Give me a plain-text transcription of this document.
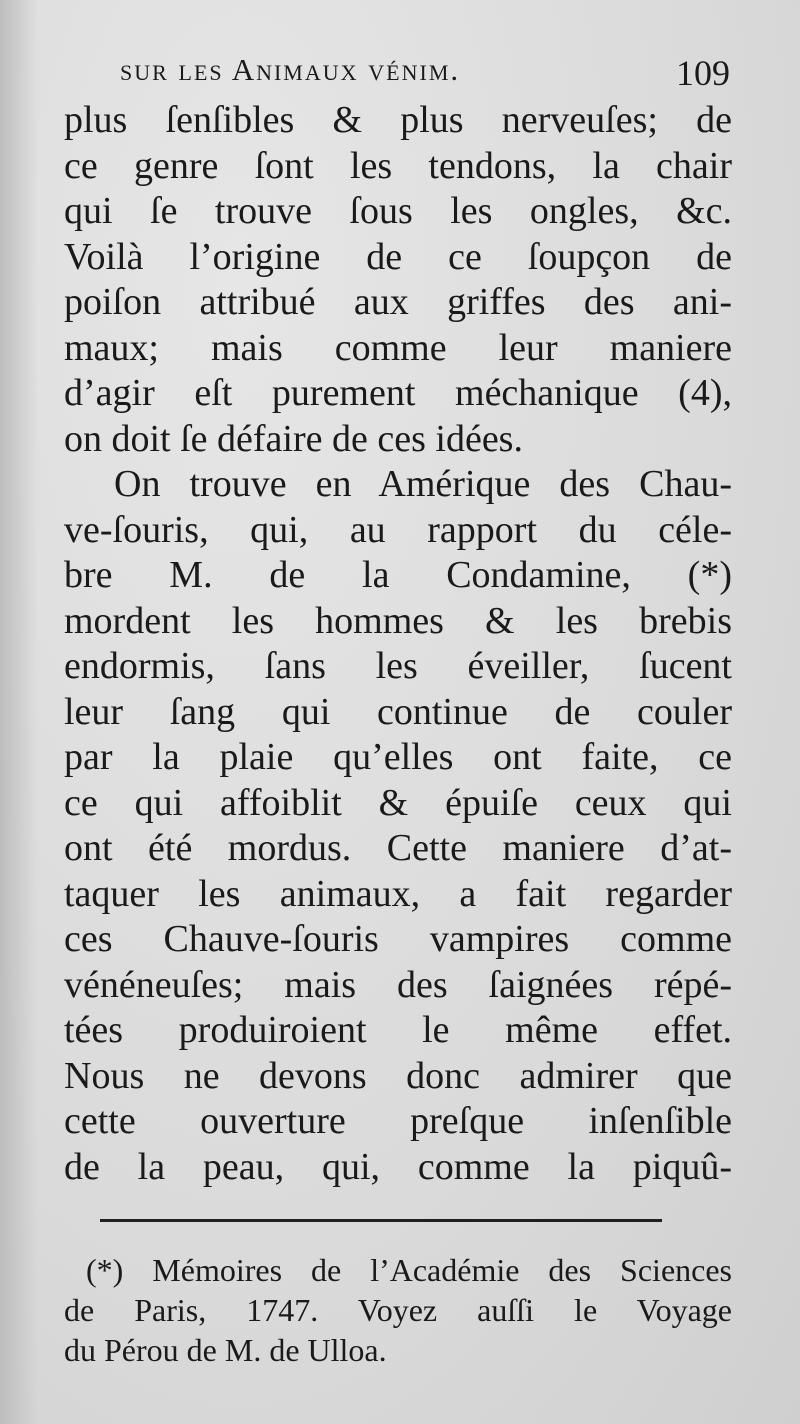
sur les Animaux vénim.	109
plus ſenſibles & plus nerveuſes; de
ce genre ſont les tendons, la chair
qui ſe trouve ſous les ongles, &c.
Voilà l’origine de ce ſoupçon de
poiſon attribué aux griffes des ani-
maux; mais comme leur maniere
d’agir eſt purement méchanique (4),
on doit ſe défaire de ces idées.
On trouve en Amérique des Chau-
ve-ſouris, qui, au rapport du céle-
bre M. de la Condamine, (*)
mordent les hommes & les brebis
endormis, ſans les éveiller, ſucent
leur ſang qui continue de couler
par la plaie qu’elles ont faite, ce
ce qui affoiblit & épuiſe ceux qui
ont été mordus. Cette maniere d’at-
taquer les animaux, a fait regarder
ces Chauve-ſouris vampires comme
vénéneuſes; mais des ſaignées répé-
tées produiroient le même effet.
Nous ne devons donc admirer que
cette ouverture preſque inſenſible
de la peau, qui, comme la piquû-
(*) Mémoires de l’Académie des Sciences
de Paris, 1747. Voyez auſſi le Voyage
du Pérou de M. de Ulloa.
